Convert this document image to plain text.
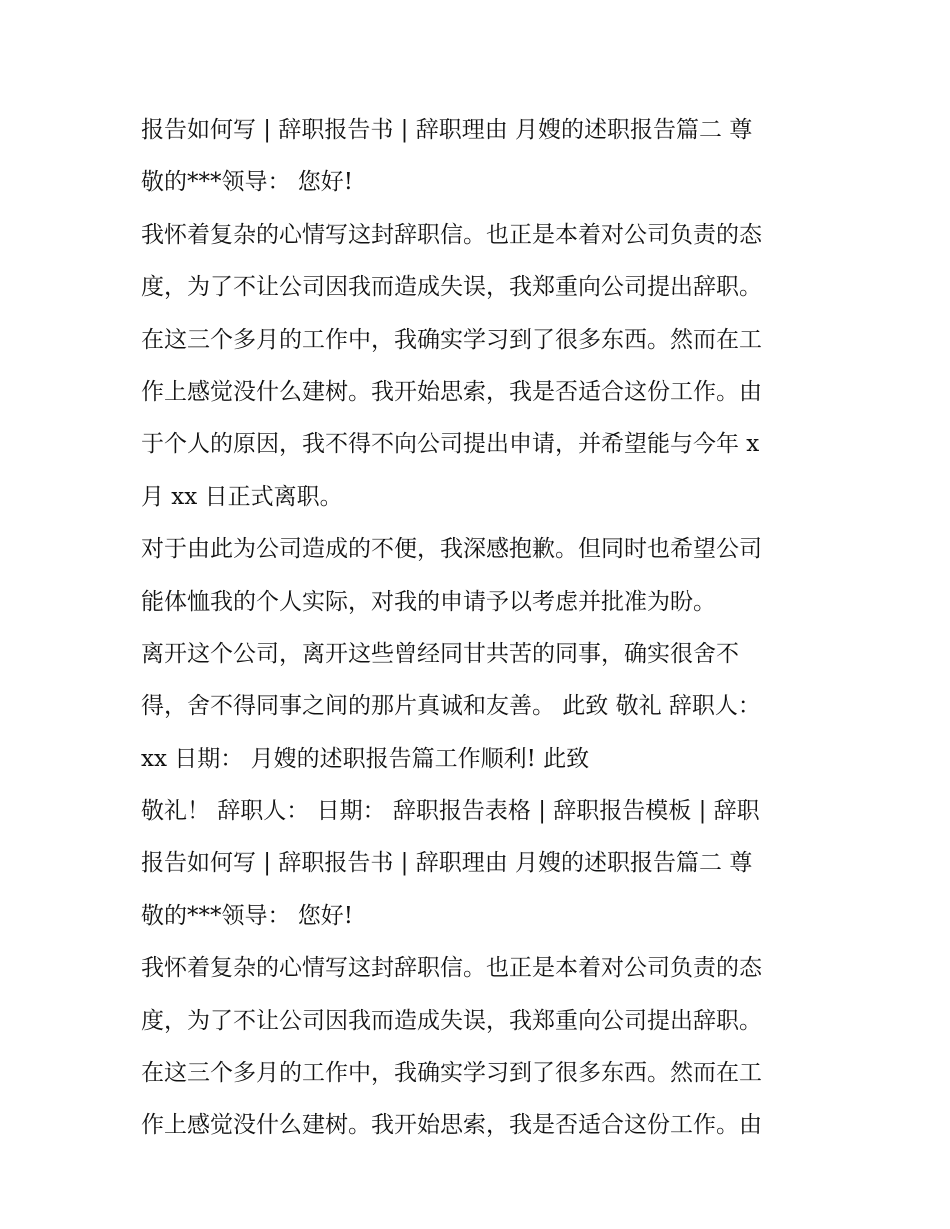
报告如何写 | 辞职报告书 | 辞职理由 月嫂的述职报告篇二 尊
敬的***领导： 您好!
我怀着复杂的心情写这封辞职信。也正是本着对公司负责的态
度，为了不让公司因我而造成失误，我郑重向公司提出辞职。
在这三个多月的工作中，我确实学习到了很多东西。然而在工
作上感觉没什么建树。我开始思索，我是否适合这份工作。由
于个人的原因，我不得不向公司提出申请，并希望能与今年 x
月 xx 日正式离职。
对于由此为公司造成的不便，我深感抱歉。但同时也希望公司
能体恤我的个人实际，对我的申请予以考虑并批准为盼。
离开这个公司，离开这些曾经同甘共苦的同事，确实很舍不
得，舍不得同事之间的那片真诚和友善。 此致 敬礼 辞职人：
xx 日期： 月嫂的述职报告篇工作顺利! 此致
敬礼！ 辞职人： 日期： 辞职报告表格 | 辞职报告模板 | 辞职
报告如何写 | 辞职报告书 | 辞职理由 月嫂的述职报告篇二 尊
敬的***领导： 您好!
我怀着复杂的心情写这封辞职信。也正是本着对公司负责的态
度，为了不让公司因我而造成失误，我郑重向公司提出辞职。
在这三个多月的工作中，我确实学习到了很多东西。然而在工
作上感觉没什么建树。我开始思索，我是否适合这份工作。由
